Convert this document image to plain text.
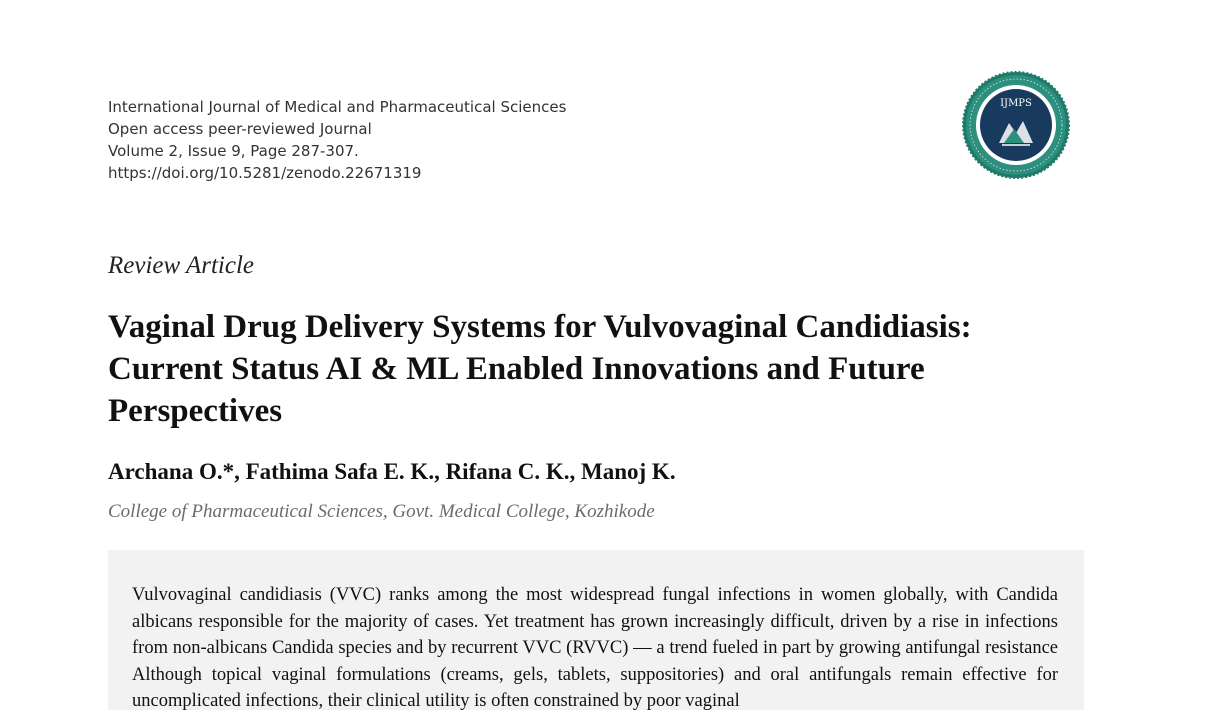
International Journal of Medical and Pharmaceutical Sciences
Open access peer-reviewed Journal
Volume 2, Issue 9, Page 287-307.
https://doi.org/10.5281/zenodo.22671319
IJMPS
Review Article
Vaginal Drug Delivery Systems for Vulvovaginal Candidiasis: Current Status AI & ML Enabled Innovations and Future Perspectives
Archana O.*, Fathima Safa E. K., Rifana C. K., Manoj K.
College of Pharmaceutical Sciences, Govt. Medical College, Kozhikode

Vulvovaginal candidiasis (VVC) ranks among the most widespread fungal infections in women globally, with Candida albicans responsible for the majority of cases. Yet treatment has grown increasingly difficult, driven by a rise in infections from non-albicans Candida species and by recurrent VVC (RVVC) — a trend fueled in part by growing antifungal resistance Although topical vaginal formulations (creams, gels, tablets, suppositories) and oral antifungals remain effective for uncomplicated infections, their clinical utility is often constrained by poor vaginal
